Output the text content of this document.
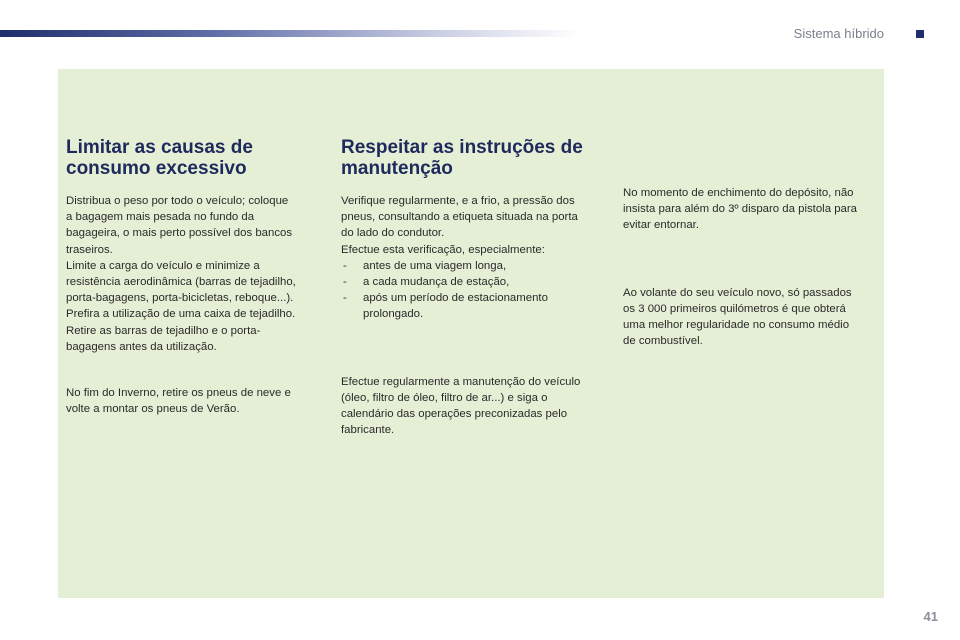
Sistema híbrido
Limitar as causas de
consumo excessivo

Distribua o peso por todo o veículo; coloque
a bagagem mais pesada no fundo da
bagageira, o mais perto possível dos bancos
traseiros.
Limite a carga do veículo e minimize a
resistência aerodinâmica (barras de tejadilho,
porta-bagagens, porta-bicicletas, reboque...).
Prefira a utilização de uma caixa de tejadilho.
Retire as barras de tejadilho e o porta-
bagagens antes da utilização.

No fim do Inverno, retire os pneus de neve e
volte a montar os pneus de Verão.

Respeitar as instruções de
manutenção

Verifique regularmente, e a frio, a pressão dos
pneus, consultando a etiqueta situada na porta
do lado do condutor.
Efectue esta verificação, especialmente:

- antes de uma viagem longa,
- a cada mudança de estação,
- após um período de estacionamento prolongado.

Efectue regularmente a manutenção do veículo
(óleo, filtro de óleo, filtro de ar...) e siga o
calendário das operações preconizadas pelo
fabricante.

No momento de enchimento do depósito, não
insista para além do 3º disparo da pistola para
evitar entornar.

Ao volante do seu veículo novo, só passados
os 3 000 primeiros quilómetros é que obterá
uma melhor regularidade no consumo médio
de combustível.

41
